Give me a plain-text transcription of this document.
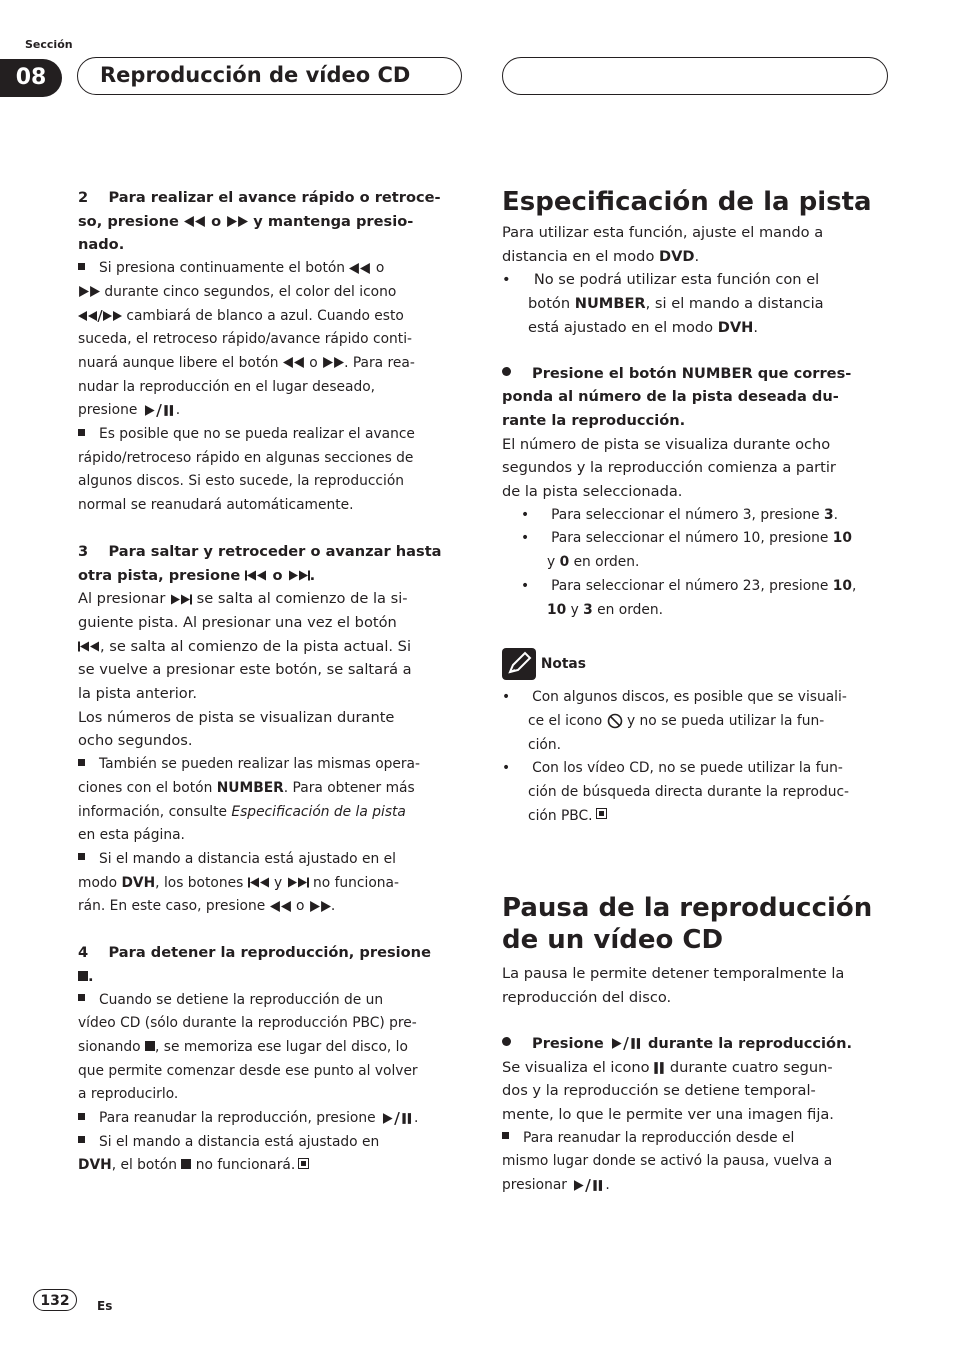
Sección
08	Reproducción de vídeo CD

2 Para realizar el avance rápido o retroce-
so, presione o y mantenga presio-
nado.

Si presiona continuamente el botón o
durante cinco segundos, el color del icono
cambiará de blanco a azul. Cuando esto
suceda, el retroceso rápido/avance rápido conti-
nuará aunque libere el botón o . Para rea-
nudar la reproducción en el lugar deseado,
presione	.

Es posible que no se pueda realizar el avance
rápido/retroceso rápido en algunas secciones de
algunos discos. Si esto sucede, la reproducción
normal se reanudará automáticamente.

3 Para saltar y retroceder o avanzar hasta
otra pista, presione o .

Al presionar se salta al comienzo de la si-
guiente pista. Al presionar una vez el botón
, se salta al comienzo de la pista actual. Si
se vuelve a presionar este botón, se saltará a
la pista anterior.

Los números de pista se visualizan durante
ocho segundos.

También se pueden realizar las mismas opera-
ciones con el botón NUMBER. Para obtener más
información, consulte Especificación de la pista
en esta página.

Si el mando a distancia está ajustado en el
modo DVH, los botones y no funciona-
rán. En este caso, presione o .

4 Para detener la reproducción, presione
.

Cuando se detiene la reproducción de un
vídeo CD (sólo durante la reproducción PBC) pre-
sionando , se memoriza ese lugar del disco, lo
que permite comenzar desde ese punto al volver
a reproducirlo.

Para reanudar la reproducción, presione	.

Si el mando a distancia está ajustado en
DVH, el botón no funcionará.

Especificación de la pista

Para utilizar esta función, ajuste el mando a
distancia en el modo DVD.

•     No se podrá utilizar esta función con el
botón NUMBER, si el mando a distancia
está ajustado en el modo DVH.

Presione el botón NUMBER que corres-
ponda al número de la pista deseada du-
rante la reproducción.

El número de pista se visualiza durante ocho
segundos y la reproducción comienza a partir
de la pista seleccionada.

•     Para seleccionar el número 3, presione 3.

•     Para seleccionar el número 10, presione 10
y 0 en orden.

•     Para seleccionar el número 23, presione 10,
10 y 3 en orden.

Notas

•     Con algunos discos, es posible que se visuali-
ce el icono y no se pueda utilizar la fun-
ción.

•     Con los vídeo CD, no se puede utilizar la fun-
ción de búsqueda directa durante la reproduc-
ción PBC.

Pausa de la reproducción
de un vídeo CD

La pausa le permite detener temporalmente la
reproducción del disco.

Presione	durante la reproducción.

Se visualiza el icono durante cuatro segun-
dos y la reproducción se detiene temporal-
mente, lo que le permite ver una imagen fija.

Para reanudar la reproducción desde el
mismo lugar donde se activó la pausa, vuelva a
presionar	.

132	Es
